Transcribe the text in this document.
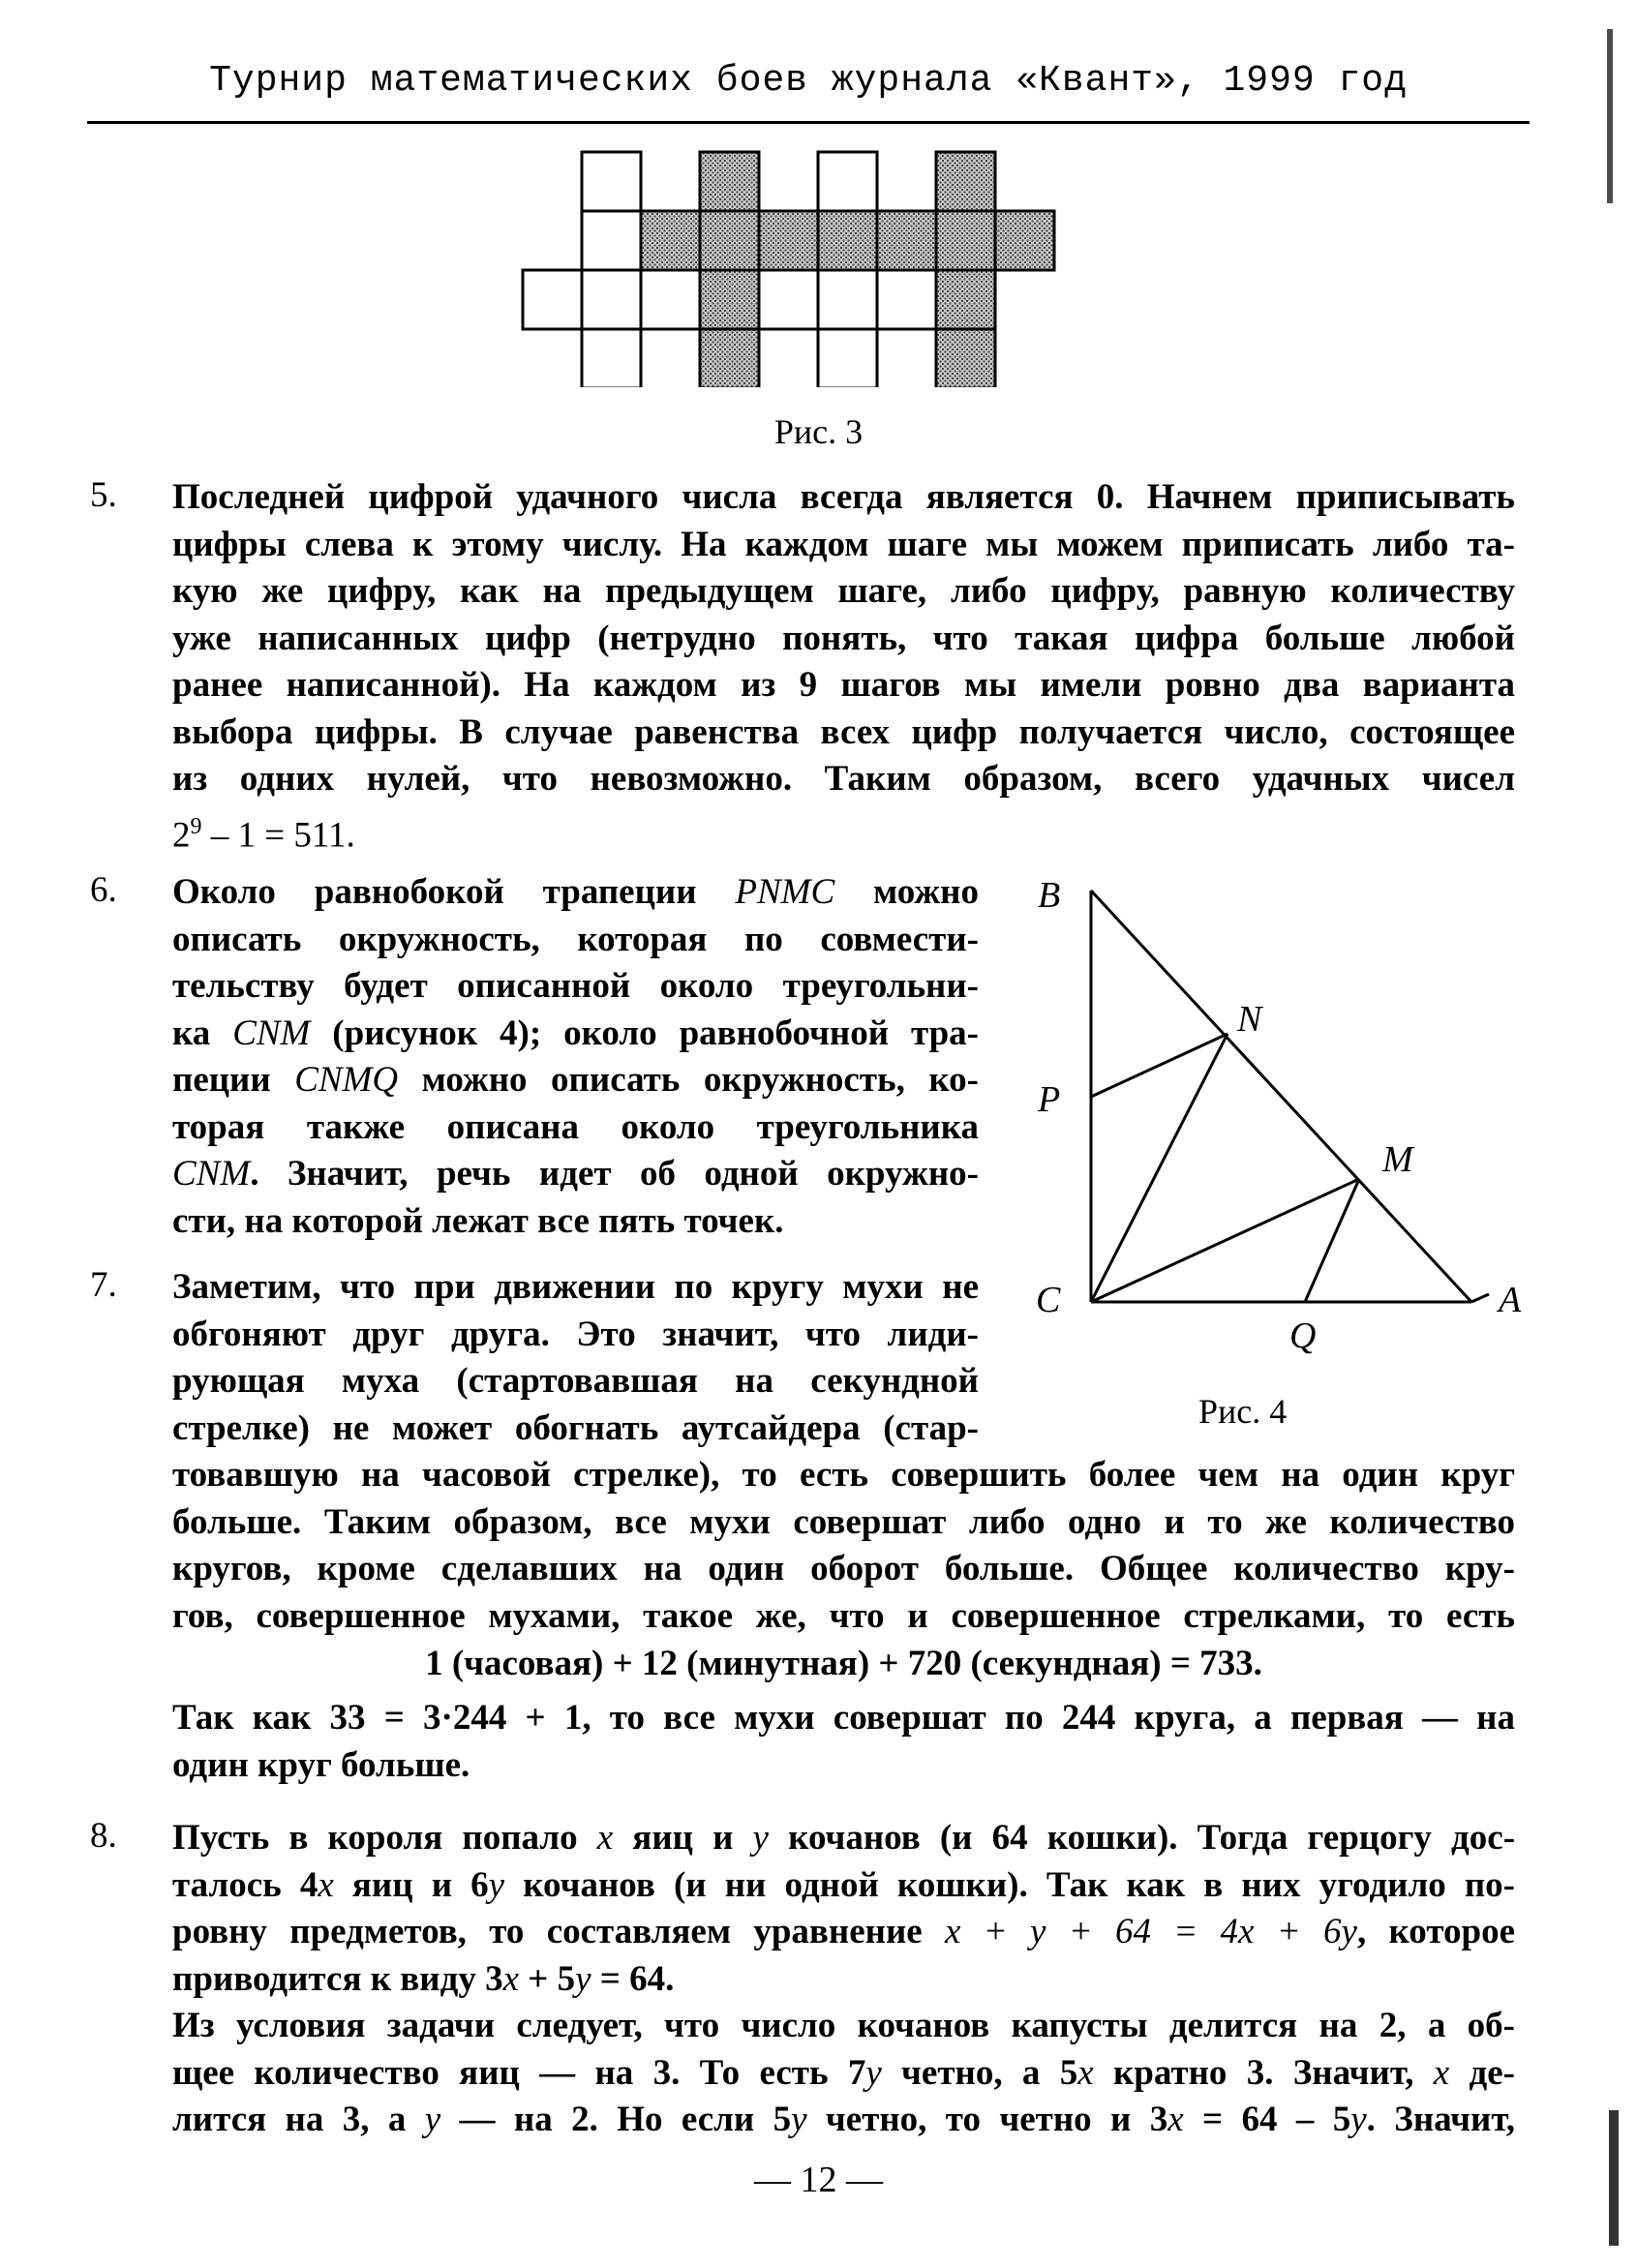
Турнир математических боев журнала «Квант», 1999 год
Рис. 3
5. Последней цифрой удачного числа всегда является 0. Начнем приписывать
цифры слева к этому числу. На каждом шаге мы можем приписать либо та-
кую же цифру, как на предыдущем шаге, либо цифру, равную количеству
уже написанных цифр (нетрудно понять, что такая цифра больше любой
ранее написанной). На каждом из 9 шагов мы имели ровно два варианта
выбора цифры. В случае равенства всех цифр получается число, состоящее
из одних нулей, что невозможно. Таким образом, всего удачных чисел
$2^9 - 1 = 511$.
6. Около равнобокой трапеции PNMC можно
описать окружность, которая по совмести-
тельству будет описанной около треугольни-
ка CNM (рисунок 4); около равнобочной тра-
пеции CNMQ можно описать окружность, ко-
торая также описана около треугольника
CNM. Значит, речь идет об одной окружно-
сти, на которой лежат все пять точек.
B
N
P
M
C	A
Q
Рис. 4
7. Заметим, что при движении по кругу мухи не
обгоняют друг друга. Это значит, что лиди-
рующая муха (стартовавшая на секундной
стрелке) не может обогнать аутсайдера (стар-
товавшую на часовой стрелке), то есть совершить более чем на один круг
больше. Таким образом, все мухи совершат либо одно и то же количество
кругов, кроме сделавших на один оборот больше. Общее количество кру-
гов, совершенное мухами, такое же, что и совершенное стрелками, то есть
1 (часовая) + 12 (минутная) + 720 (секундная) = 733.
Так как 33 = 3·244 + 1, то все мухи совершат по 244 круга, а первая — на
один круг больше.
8. Пусть в короля попало x яиц и y кочанов (и 64 кошки). Тогда герцогу дос-
талось 4x яиц и 6y кочанов (и ни одной кошки). Так как в них угодило по-
ровну предметов, то составляем уравнение x + y + 64 = 4x + 6y, которое
приводится к виду 3x + 5y = 64.
Из условия задачи следует, что число кочанов капусты делится на 2, а об-
щее количество яиц — на 3. То есть 7y четно, а 5x кратно 3. Значит, x де-
лится на 3, а y — на 2. Но если 5y четно, то четно и 3x = 64 – 5y. Значит,
— 12 —
